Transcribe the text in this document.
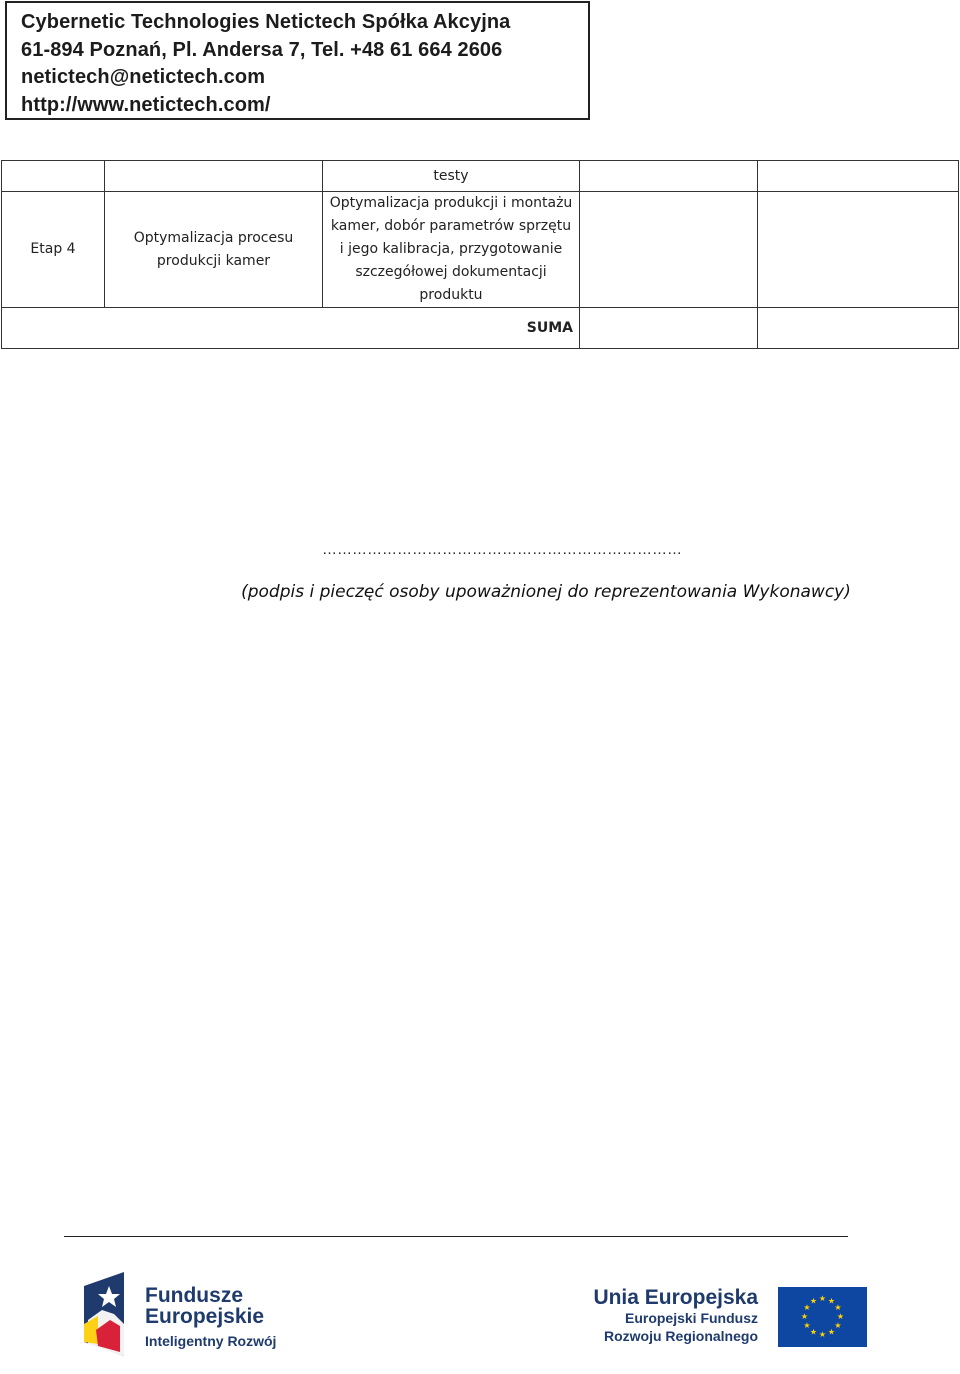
Cybernetic Technologies Netictech Spółka Akcyjna
61-894 Poznań, Pl. Andersa 7, Tel. +48 61 664 2606
netictech@netictech.com
http://www.netictech.com/
		testy		
Etap 4	Optymalizacja procesu produkcji kamer	Optymalizacja produkcji i montażu kamer, dobór parametrów sprzętu i jego kalibracja, przygotowanie szczegółowej dokumentacji produktu		
SUMA				
………………………………………………………………
(podpis i pieczęć osoby upoważnionej do reprezentowania Wykonawcy)
Fundusze
Europejskie
Inteligentny Rozwój
Unia Europejska
Europejski Fundusz
Rozwoju Regionalnego
★ ★
★
★
★
★
★
★
★
★
★
★
